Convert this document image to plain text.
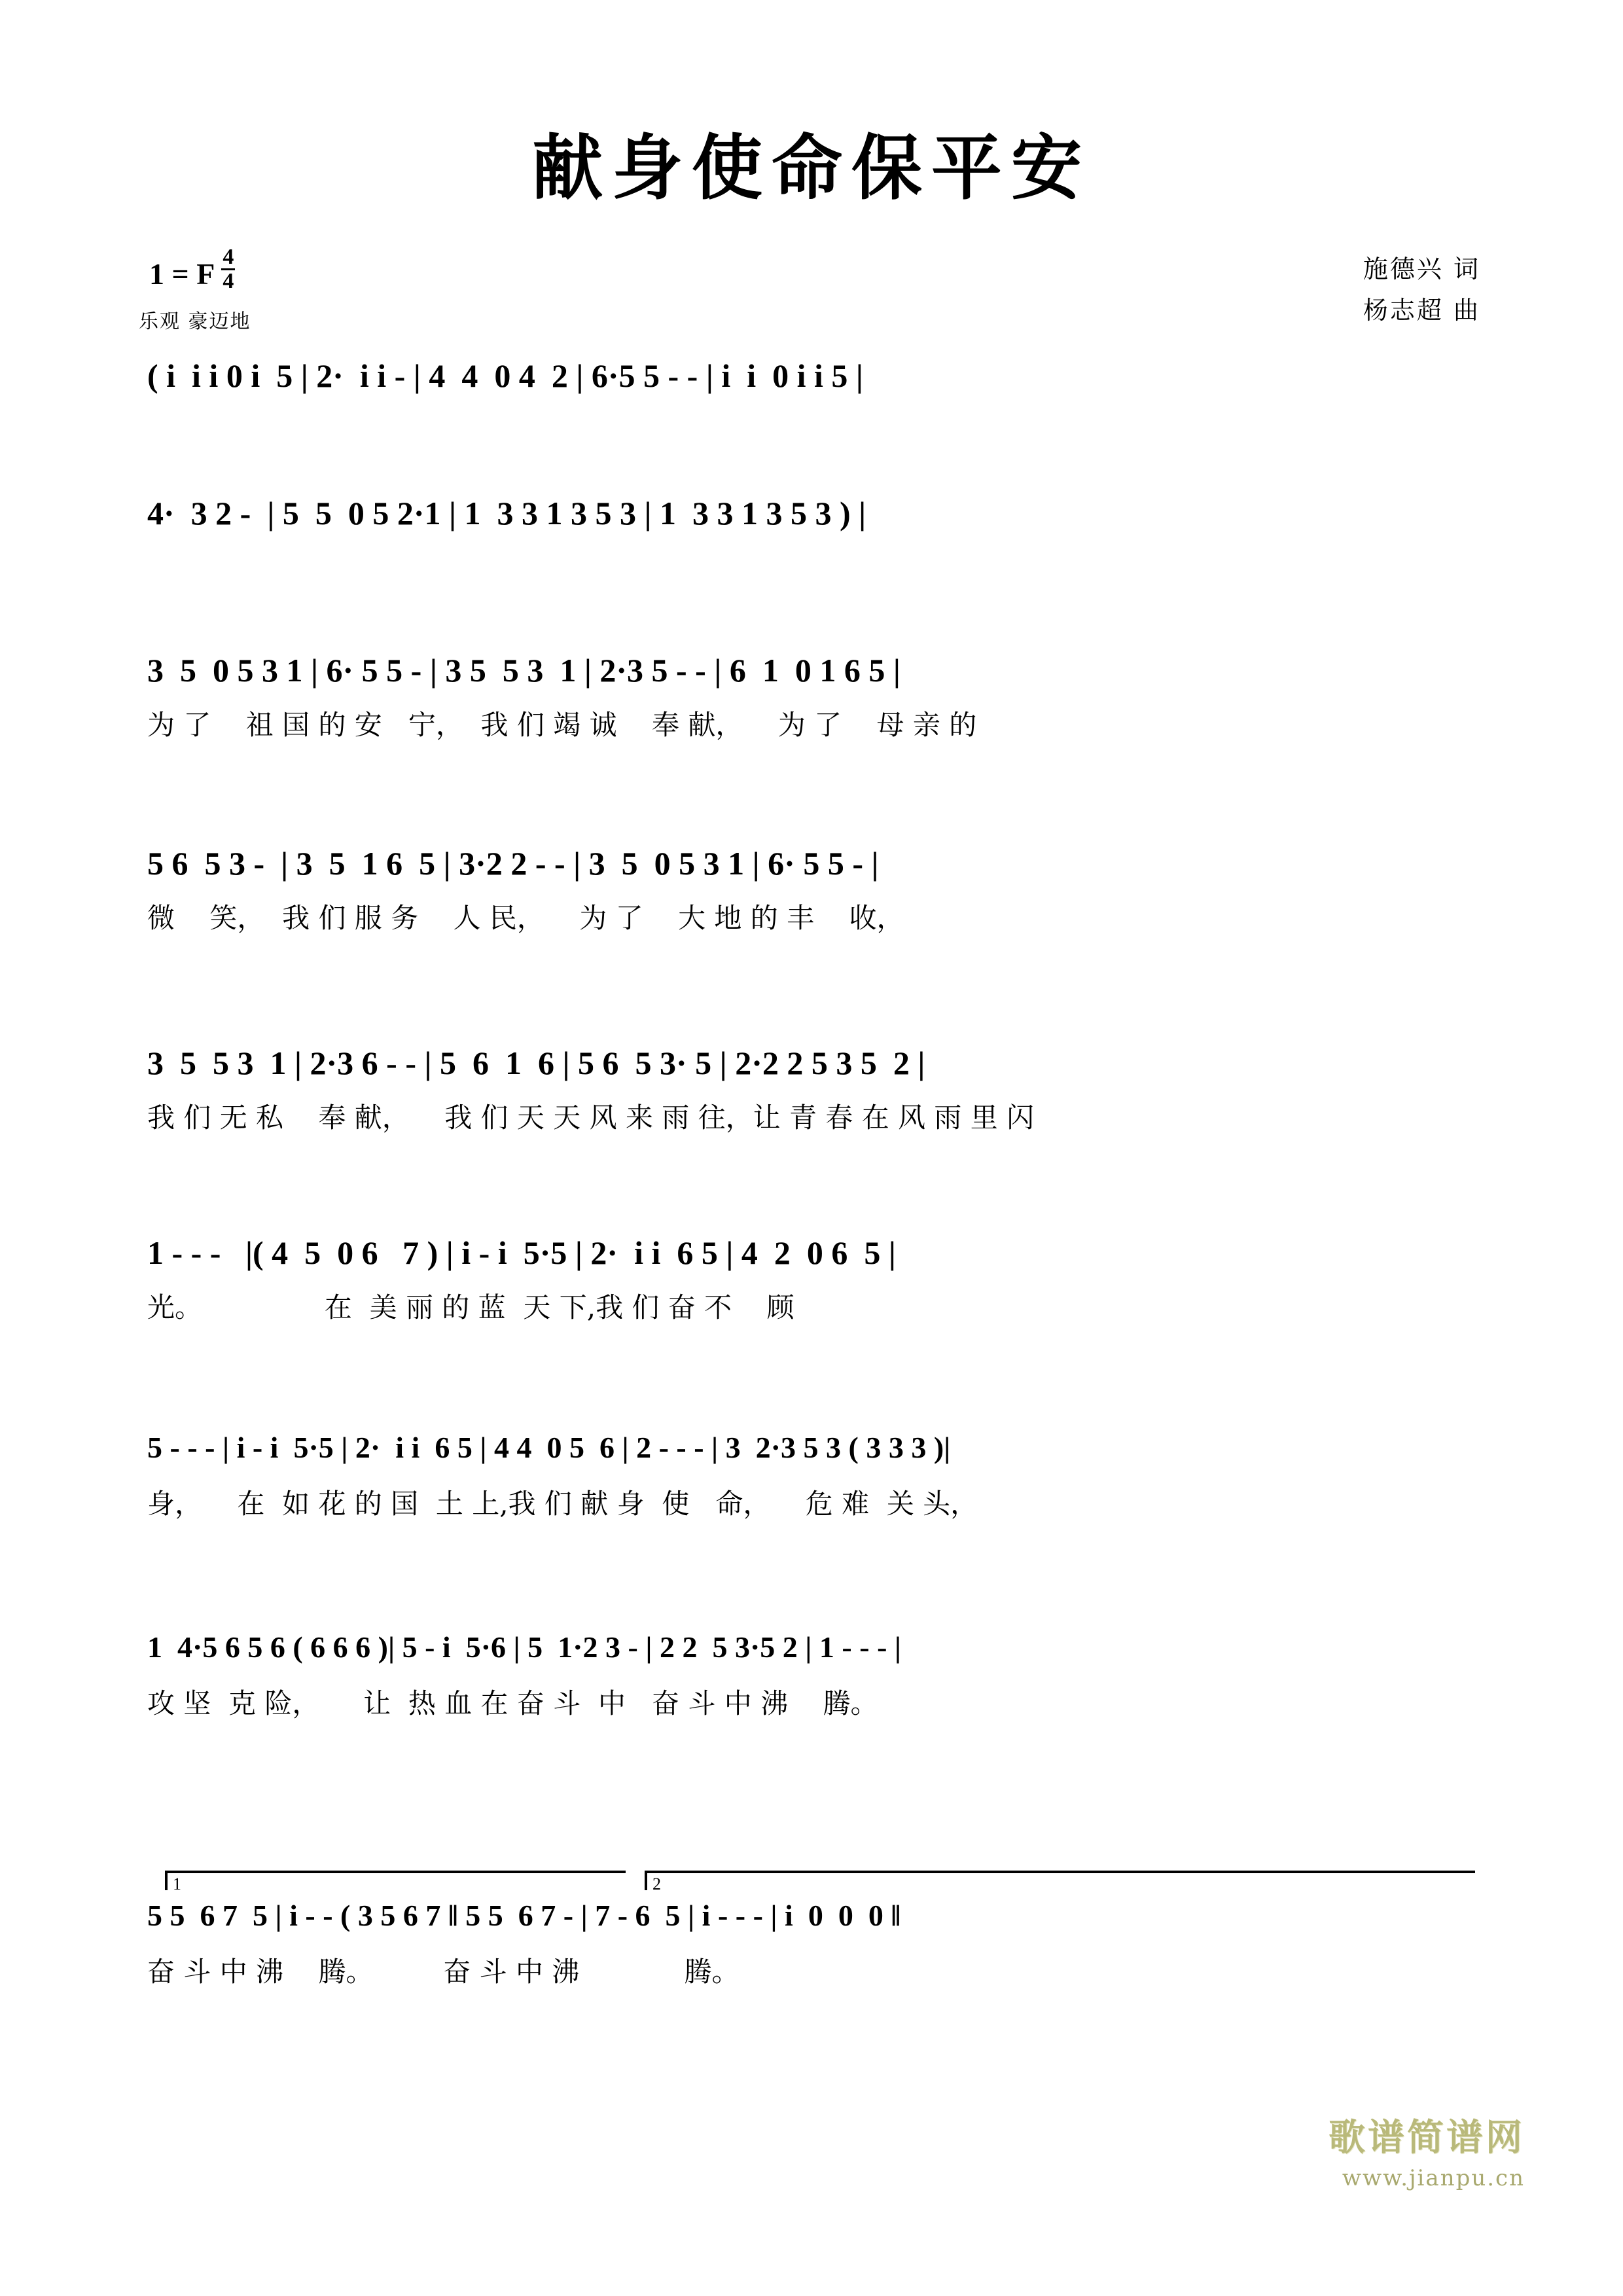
献身使命保平安
1 = F $\frac{4}{4}$
乐观 豪迈地
施德兴 词
杨志超 曲
( i  i i 0 i  5 | 2·  i i - | 4  4  0 4  2 | 6·5 5 - - | i  i  0 i i 5 |
4·  3 2 -  | 5  5  0 5 2·1 | 1  3 3 1 3 5 3 | 1  3 3 1 3 5 3 ) |
3  5  0 5 3 1 | 6· 5 5 - | 3 5  5 3  1 | 2·3 5 - - | 6  1  0 1 6 5 |
为 了    祖 国 的 安   宁，  我 们 竭 诚    奉 献，    为 了    母 亲 的
5 6  5 3 -  | 3  5  1 6  5 | 3·2 2 - - | 3  5  0 5 3 1 | 6· 5 5 - |
微    笑，  我 们 服 务    人 民，    为 了    大 地 的 丰    收，
3  5  5 3  1 | 2·3 6 - - | 5  6  1  6 | 5 6  5 3· 5 | 2·2 2 5 3 5  2 |
我 们 无 私    奉 献，    我 们 天 天 风 来 雨 往，让 青 春 在 风 雨 里 闪
1 - - -   |( 4  5  0 6   7 ) | i - i  5·5 | 2·  i i  6 5 | 4  2  0 6  5 |
光。              在  美 丽 的 蓝  天 下,我 们 奋 不    顾
5 - - - | i - i  5·5 | 2·  i i  6 5 | 4 4  0 5  6 | 2 - - - | 3  2·3 5 3 ( 3 3 3 )|
身，    在  如 花 的 国  土 上,我 们 献 身  使   命，    危 难  关 头，
1  4·5 6 5 6 ( 6 6 6 )| 5 - i  5·6 | 5  1·2 3 - | 2 2  5 3·5 2 | 1 - - - |
攻 坚  克 险，     让  热 血 在 奋 斗  中   奋 斗 中 沸    腾。
1	2
5 5  6 7  5 | i - - ( 3 5 6 7 ‖ 5 5  6 7 - | 7 - 6  5 | i - - - | i  0  0  0 ‖
奋 斗 中 沸    腾。        奋 斗 中 沸            腾。
歌谱简谱网
www.jianpu.cn
